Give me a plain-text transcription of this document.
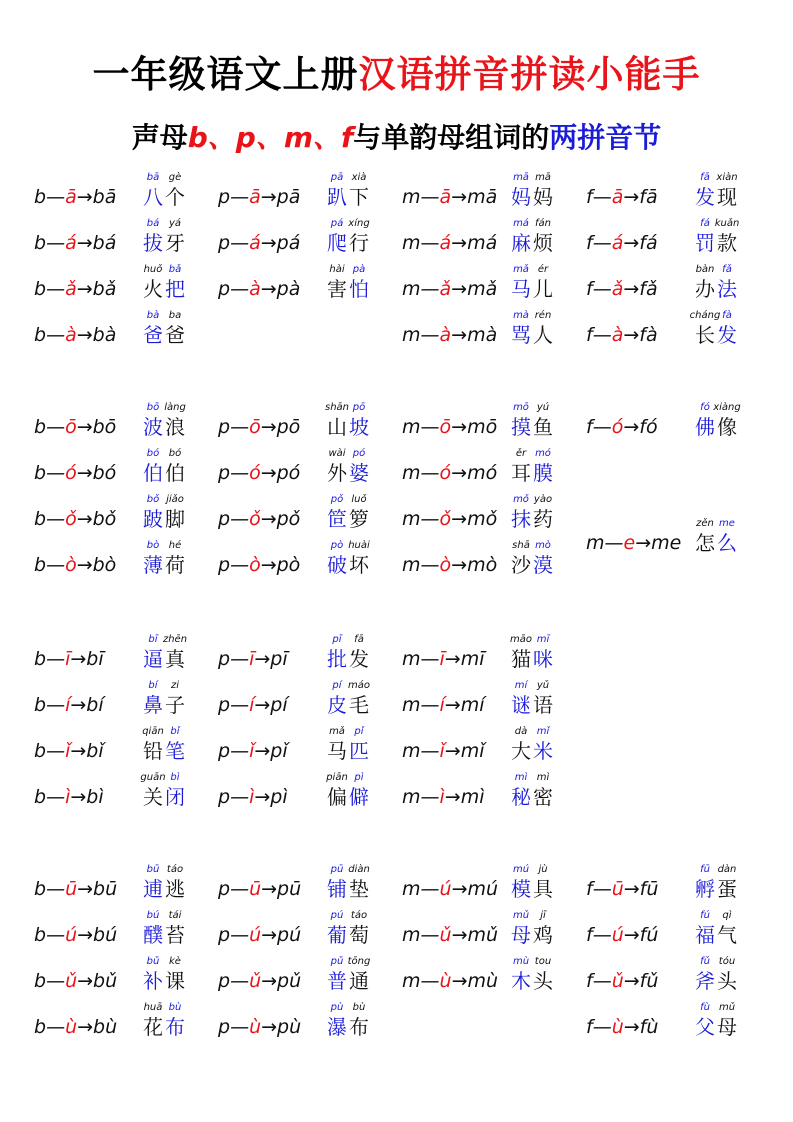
一年级语文上册汉语拼音拼读小能手
声母b、p、m、f与单韵母组词的两拼音节
b—ā→bā
bā
八
gè
个
b—á→bá
bá
拔
yá
牙
b—ǎ→bǎ
huǒ
火
bǎ
把
b—à→bà
bà
爸
ba
爸
p—ā→pā
pā
趴
xià
下
p—á→pá
pá
爬
xíng
行
p—à→pà
hài
害
pà
怕
m—ā→mā
mā
妈
mā
妈
m—á→má
má
麻
fán
烦
m—ǎ→mǎ
mǎ
马
ér
儿
m—à→mà
mà
骂
rén
人
f—ā→fā
fā
发
xiàn
现
f—á→fá
fá
罚
kuǎn
款
f—ǎ→fǎ
bàn
办
fǎ
法
f—à→fà
cháng
长
fà
发
b—ō→bō
bō
波
làng
浪
b—ó→bó
bó
伯
bó
伯
b—ǒ→bǒ
bǒ
跛
jiǎo
脚
b—ò→bò
bò
薄
hé
荷
p—ō→pō
shān
山
pō
坡
p—ó→pó
wài
外
pó
婆
p—ǒ→pǒ
pǒ
笸
luǒ
箩
p—ò→pò
pò
破
huài
坏
m—ō→mō
mō
摸
yú
鱼
m—ó→mó
ěr
耳
mó
膜
m—ǒ→mǒ
mǒ
抹
yào
药
m—ò→mò
shā
沙
mò
漠
f—ó→fó
fó
佛
xiàng
像
m—e→me
zěn
怎
me
么
b—ī→bī
bī
逼
zhēn
真
b—í→bí
bí
鼻
zi
子
b—ǐ→bǐ
qiān
铅
bǐ
笔
b—ì→bì
guān
关
bì
闭
p—ī→pī
pī
批
fā
发
p—í→pí
pí
皮
máo
毛
p—ǐ→pǐ
mǎ
马
pǐ
匹
p—ì→pì
piān
偏
pì
僻
m—ī→mī
māo
猫
mī
咪
m—í→mí
mí
谜
yǔ
语
m—ǐ→mǐ
dà
大
mǐ
米
m—ì→mì
mì
秘
mì
密
b—ū→bū
bū
逋
táo
逃
b—ú→bú
bú
醭
tái
苔
b—ǔ→bǔ
bǔ
补
kè
课
b—ù→bù
huā
花
bù
布
p—ū→pū
pū
铺
diàn
垫
p—ú→pú
pú
葡
táo
萄
p—ǔ→pǔ
pǔ
普
tōng
通
p—ù→pù
pù
瀑
bù
布
m—ú→mú
mú
模
jù
具
m—ǔ→mǔ
mǔ
母
jī
鸡
m—ù→mù
mù
木
tou
头
f—ū→fū
fū
孵
dàn
蛋
f—ú→fú
fú
福
qì
气
f—ǔ→fǔ
fǔ
斧
tóu
头
f—ù→fù
fù
父
mǔ
母
